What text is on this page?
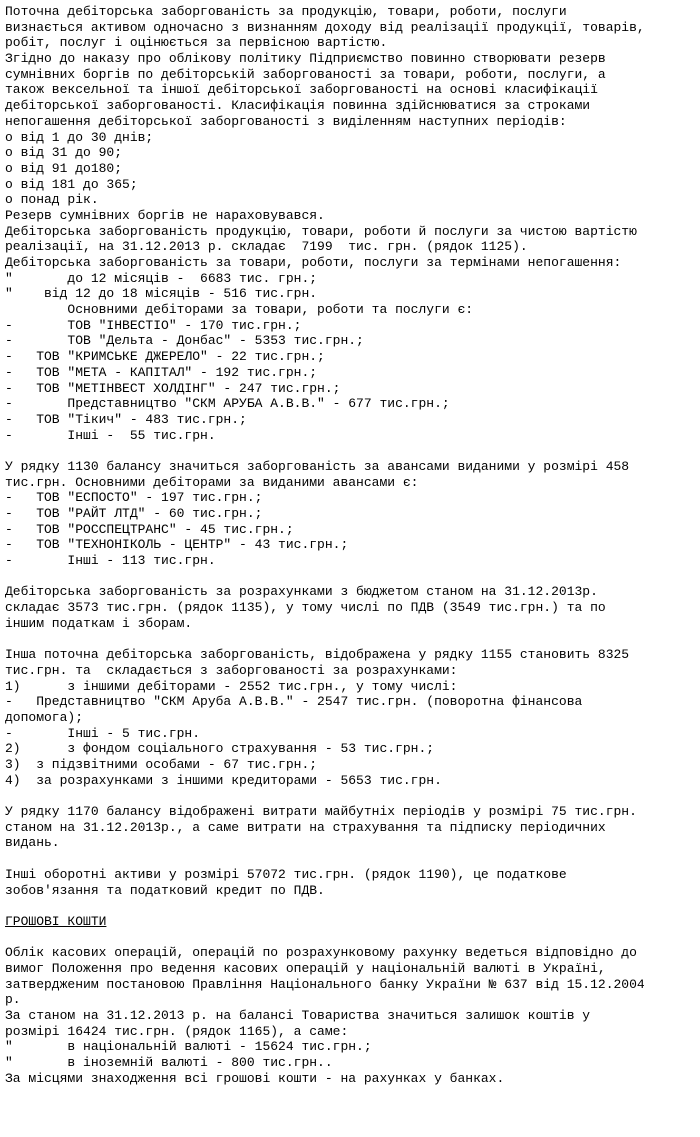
Поточна дебіторська заборгованість за продукцію, товари, роботи, послуги
визнається активом одночасно з визнанням доходу від реалізації продукції, товарів,
робіт, послуг і оцінюється за первісною вартістю.
Згідно до наказу про облікову політику Підприємство повинно створювати резерв
сумнівних боргів по дебіторській заборгованості за товари, роботи, послуги, а
також вексельної та іншої дебіторської заборгованості на основі класифікації
дебіторської заборгованості. Класифікація повинна здійснюватися за строками
непогашення дебіторської заборгованості з виділенням наступних періодів:
o від 1 до 30 днів;
o від 31 до 90;
o від 91 до180;
o від 181 до 365;
o понад рік.
Резерв сумнівних боргів не нараховувався.
Дебіторська заборгованість продукцію, товари, роботи й послуги за чистою вартістю
реалізації, на 31.12.2013 р. складає  7199  тис. грн. (рядок 1125).
Дебіторська заборгованість за товари, роботи, послуги за термінами непогашення:
"       до 12 місяців -  6683 тис. грн.;
"    від 12 до 18 місяців - 516 тис.грн.
Основними дебіторами за товари, роботи та послуги є:
-       ТОВ "ІНВЕСТІО" - 170 тис.грн.;
-       ТОВ "Дельта - Донбас" - 5353 тис.грн.;
-   ТОВ "КРИМСЬКЕ ДЖЕРЕЛО" - 22 тис.грн.;
-   ТОВ "МЕТА - КАПІТАЛ" - 192 тис.грн.;
-   ТОВ "МЕТІНВЕСТ ХОЛДІНГ" - 247 тис.грн.;
-       Представництво "СКМ АРУБА А.В.В." - 677 тис.грн.;
-   ТОВ "Тікич" - 483 тис.грн.;
-       Інші -  55 тис.грн.
У рядку 1130 балансу значиться заборгованість за авансами виданими у розмірі 458
тис.грн. Основними дебіторами за виданими авансами є:
-   ТОВ "ЕСПОСТО" - 197 тис.грн.;
-   ТОВ "РАЙТ ЛТД" - 60 тис.грн.;
-   ТОВ "РОССПЕЦТРАНС" - 45 тис.грн.;
-   ТОВ "ТЕХНОНІКОЛЬ - ЦЕНТР" - 43 тис.грн.;
-       Інші - 113 тис.грн.
Дебіторська заборгованість за розрахунками з бюджетом станом на 31.12.2013р.
складає 3573 тис.грн. (рядок 1135), у тому числі по ПДВ (3549 тис.грн.) та по
іншим податкам і зборам.
Інша поточна дебіторська заборгованість, відображена у рядку 1155 становить 8325
тис.грн. та  складається з заборгованості за розрахунками:
1)      з іншими дебіторами - 2552 тис.грн., у тому числі:
-   Представництво "СКМ Аруба А.В.В." - 2547 тис.грн. (поворотна фінансова
допомога);
-       Інші - 5 тис.грн.
2)      з фондом соціального страхування - 53 тис.грн.;
3)  з підзвітними особами - 67 тис.грн.;
4)  за розрахунками з іншими кредиторами - 5653 тис.грн.
У рядку 1170 балансу відображені витрати майбутніх періодів у розмірі 75 тис.грн.
станом на 31.12.2013р., а саме витрати на страхування та підписку періодичних
видань.
Інші оборотні активи у розмірі 57072 тис.грн. (рядок 1190), це податкове
зобов'язання та податковий кредит по ПДВ.
ГРОШОВІ КОШТИ
Облік касових операцій, операцій по розрахунковому рахунку ведеться відповідно до
вимог Положення про ведення касових операцій у національній валюті в Україні,
затвердженим постановою Правління Національного банку України № 637 від 15.12.2004
р.
За станом на 31.12.2013 р. на балансі Товариства значиться залишок коштів у
розмірі 16424 тис.грн. (рядок 1165), а саме:
"       в національній валюті - 15624 тис.грн.;
"       в іноземній валюті - 800 тис.грн..
За місцями знаходження всі грошові кошти - на рахунках у банках.
